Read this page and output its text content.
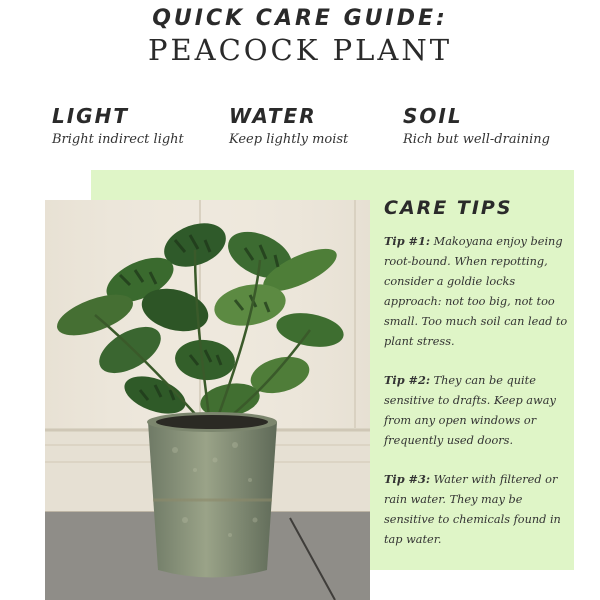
QUICK CARE GUIDE:
PEACOCK PLANT
LIGHT
Bright indirect light
WATER
Keep lightly moist
SOIL
Rich but well-draining
CARE TIPS
Tip #1: Makoyana enjoy being root-bound. When repotting, consider a goldie locks approach: not too big, not too small. Too much soil can lead to plant stress.
Tip #2: They can be quite sensitive to drafts. Keep away from any open windows or frequently used doors.
Tip #3: Water with filtered or rain water. They may be sensitive to chemicals found in tap water.
